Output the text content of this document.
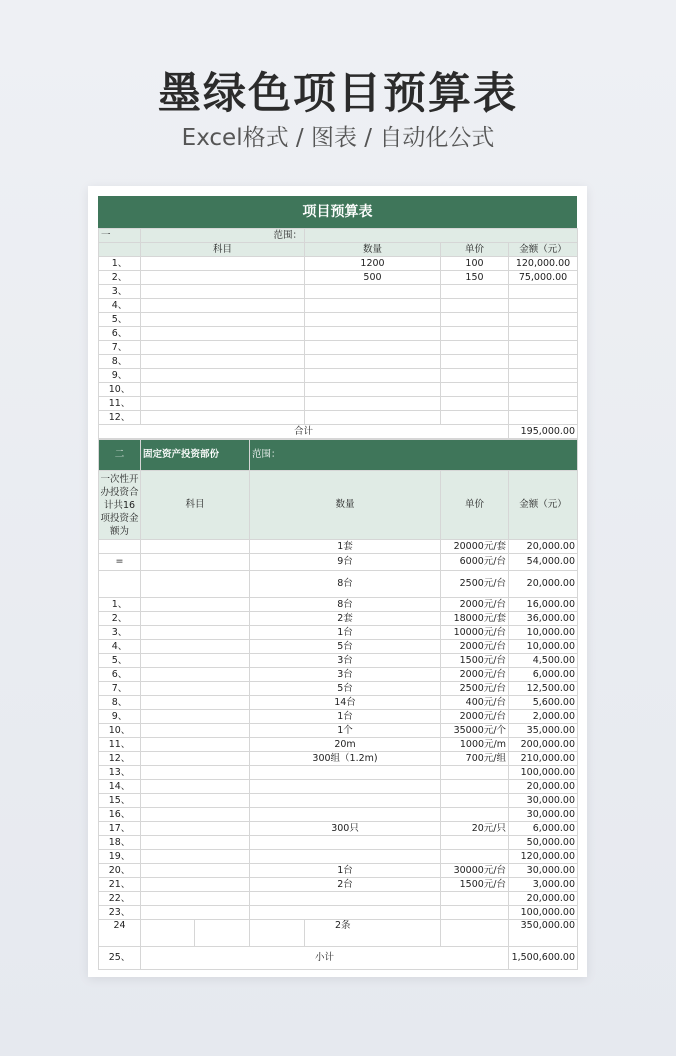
墨绿色项目预算表
Excel格式 / 图表 / 自动化公式
项目预算表
一	范围：			
	科目	数量	单价	金额（元）
1、		1200	100	120,000.00
2、		500	150	75,000.00
3、				
4、				
5、				
6、				
7、				
8、				
9、				
10、				
11、				
12、				
合计				195,000.00
二	固定资产投资部份		范围：			
一次性开办投资合计共16项投资金额为	科目		数量		单价	金额（元）
			1套		20000元/套	20,000.00
=			9台		6000元/台	54,000.00
			8台		2500元/台	20,000.00
1、			8台		2000元/台	16,000.00
2、			2套		18000元/套	36,000.00
3、			1台		10000元/台	10,000.00
4、			5台		2000元/台	10,000.00
5、			3台		1500元/台	4,500.00
6、			3台		2000元/台	6,000.00
7、			5台		2500元/台	12,500.00
8、			14台		400元/台	5,600.00
9、			1台		2000元/台	2,000.00
10、			1个		35000元/个	35,000.00
11、			20m		1000元/m	200,000.00
12、			300组（1.2m)		700元/组	210,000.00
13、						100,000.00
14、						20,000.00
15、						30,000.00
16、						30,000.00
17、			300只		20元/只	6,000.00
18、						50,000.00
19、						120,000.00
20、			1台		30000元/台	30,000.00
21、			2台		1500元/台	3,000.00
22、						20,000.00
23、						100,000.00
24				2条		350,000.00
25、	小计					1,500,600.00
